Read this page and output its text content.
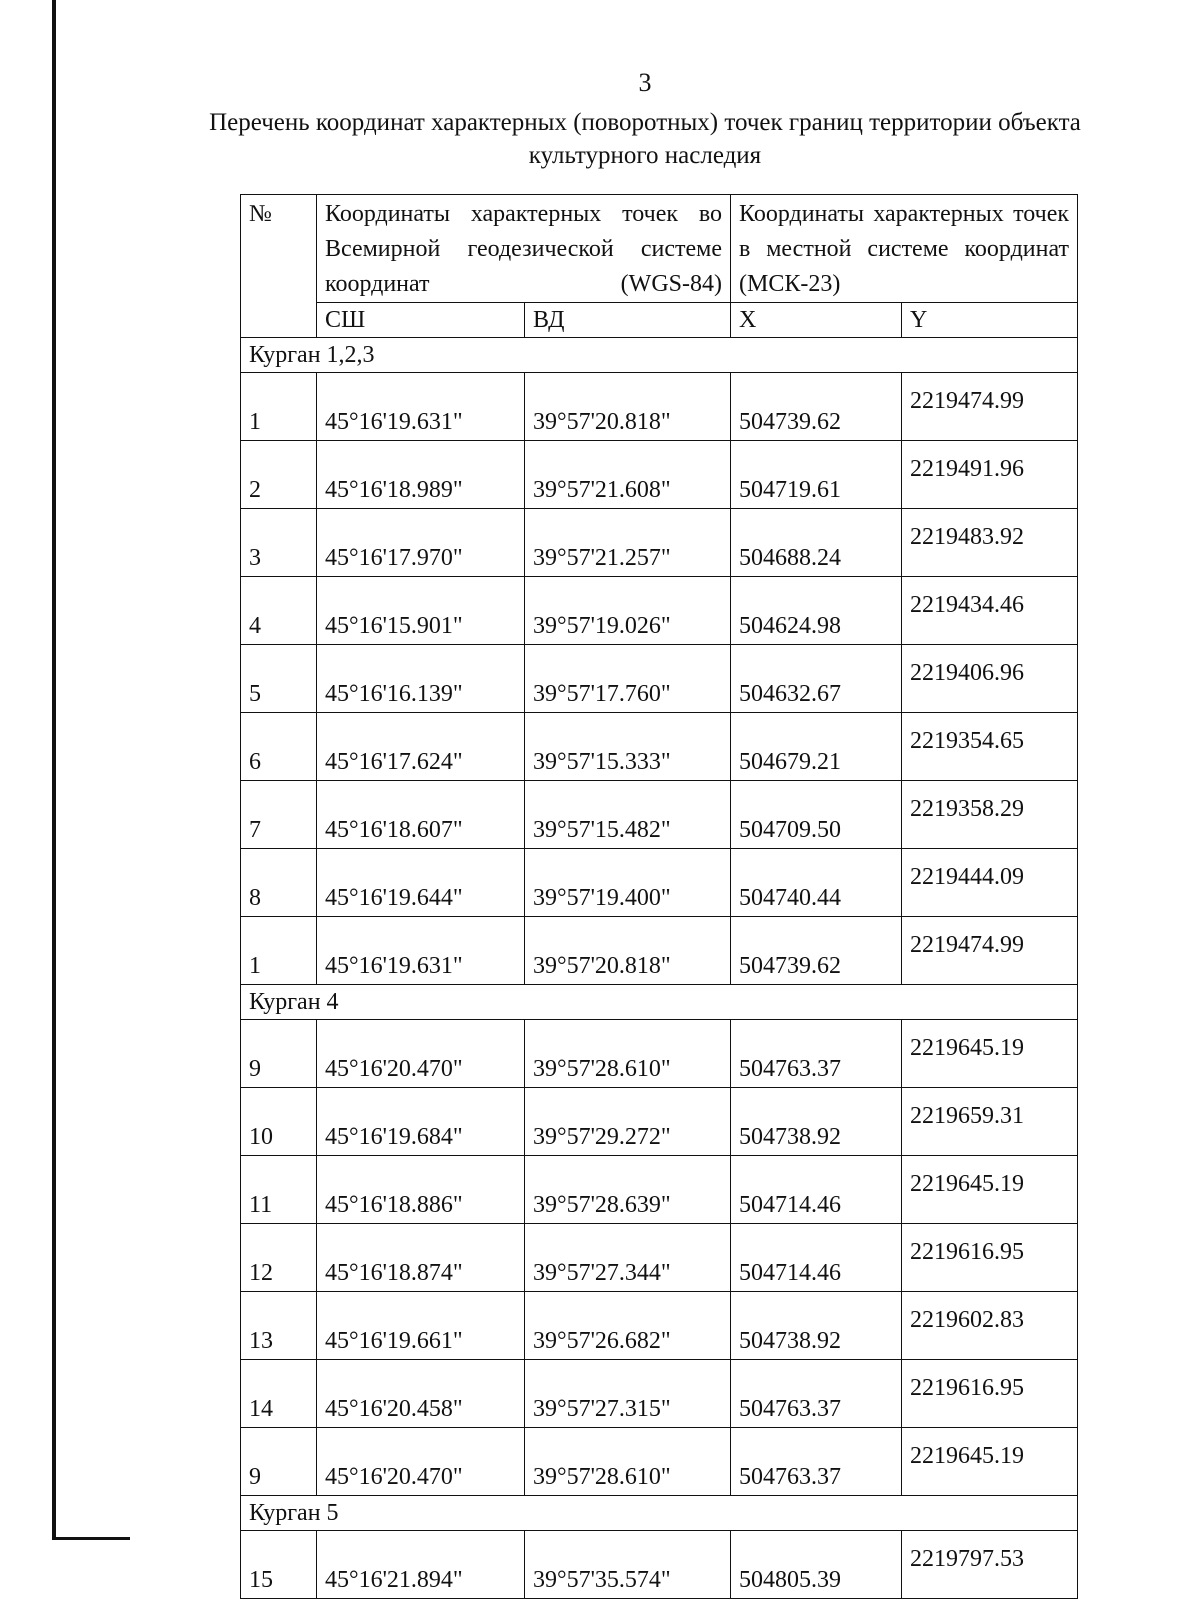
3
Перечень координат характерных (поворотных) точек границ территории объекта культурного наследия
№	Координаты характерных точек во Всемирной геодезической системе координат (WGS-84)		Координаты характерных точек в местной системе координат (МСК-23)	
	СШ	ВД	X	Y
Курган 1,2,3				
1	45°16'19.631"	39°57'20.818"	504739.62	2219474.99
2	45°16'18.989"	39°57'21.608"	504719.61	2219491.96
3	45°16'17.970"	39°57'21.257"	504688.24	2219483.92
4	45°16'15.901"	39°57'19.026"	504624.98	2219434.46
5	45°16'16.139"	39°57'17.760"	504632.67	2219406.96
6	45°16'17.624"	39°57'15.333"	504679.21	2219354.65
7	45°16'18.607"	39°57'15.482"	504709.50	2219358.29
8	45°16'19.644"	39°57'19.400"	504740.44	2219444.09
1	45°16'19.631"	39°57'20.818"	504739.62	2219474.99
Курган 4				
9	45°16'20.470"	39°57'28.610"	504763.37	2219645.19
10	45°16'19.684"	39°57'29.272"	504738.92	2219659.31
11	45°16'18.886"	39°57'28.639"	504714.46	2219645.19
12	45°16'18.874"	39°57'27.344"	504714.46	2219616.95
13	45°16'19.661"	39°57'26.682"	504738.92	2219602.83
14	45°16'20.458"	39°57'27.315"	504763.37	2219616.95
9	45°16'20.470"	39°57'28.610"	504763.37	2219645.19
Курган 5				
15	45°16'21.894"	39°57'35.574"	504805.39	2219797.53
